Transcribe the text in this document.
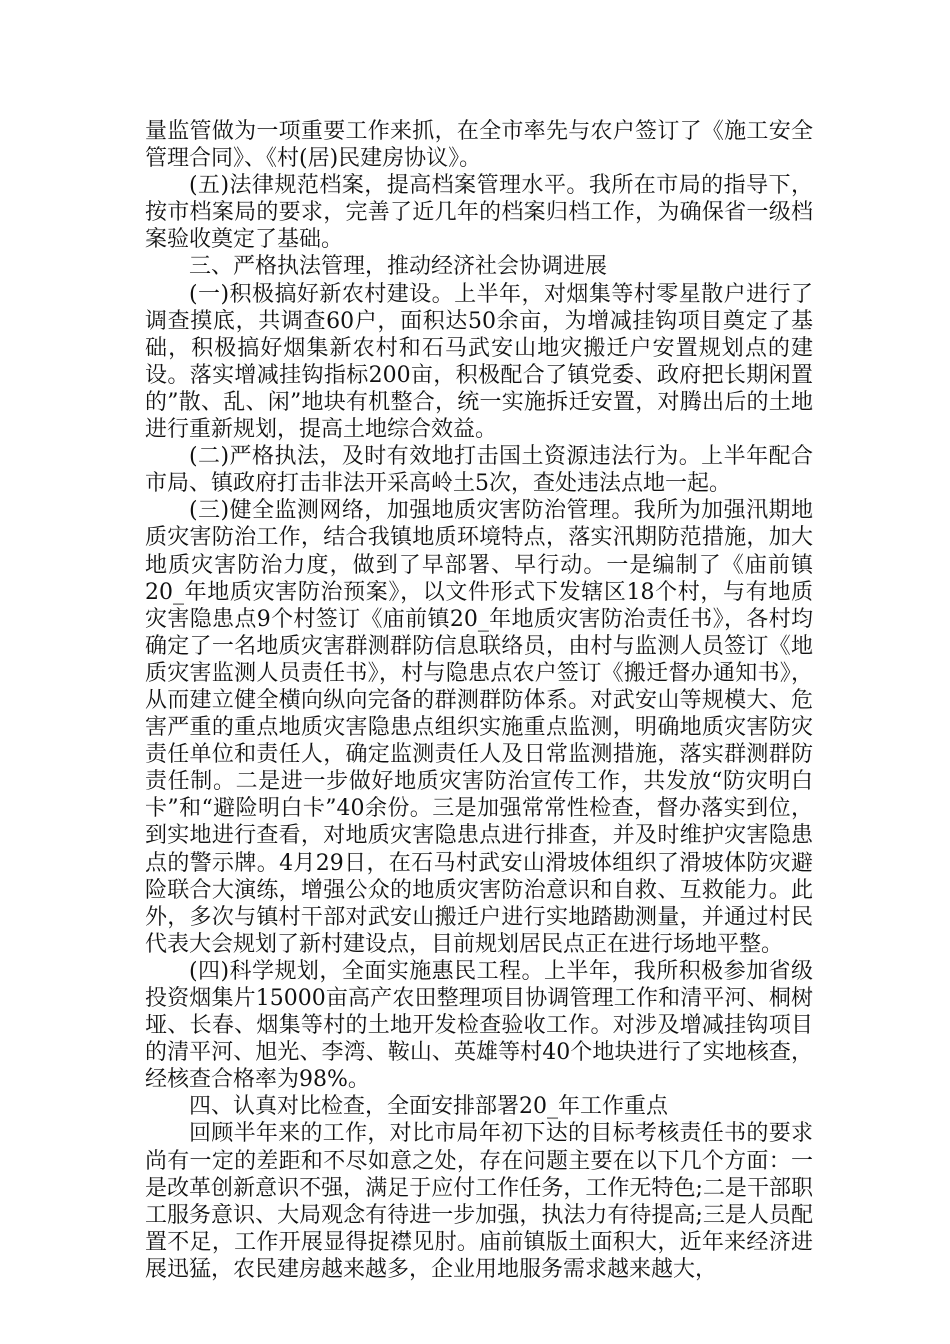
量监管做为一项重要工作来抓，在全市率先与农户签订了《施工安全管理合同》、《村(居)民建房协议》。

(五)法律规范档案，提高档案管理水平。我所在市局的指导下，按市档案局的要求，完善了近几年的档案归档工作，为确保省一级档案验收奠定了基础。

三、严格执法管理，推动经济社会协调进展

(一)积极搞好新农村建设。上半年，对烟集等村零星散户进行了调查摸底，共调查60户，面积达50余亩，为增减挂钩项目奠定了基础，积极搞好烟集新农村和石马武安山地灾搬迁户安置规划点的建设。落实增减挂钩指标200亩，积极配合了镇党委、政府把长期闲置的”散、乱、闲”地块有机整合，统一实施拆迁安置，对腾出后的土地进行重新规划，提高土地综合效益。

(二)严格执法，及时有效地打击国土资源违法行为。上半年配合市局、镇政府打击非法开采高岭土5次，查处违法点地一起。

(三)健全监测网络，加强地质灾害防治管理。我所为加强汛期地质灾害防治工作，结合我镇地质环境特点，落实汛期防范措施，加大地质灾害防治力度，做到了早部署、早行动。一是编制了《庙前镇20_年地质灾害防治预案》，以文件形式下发辖区18个村，与有地质灾害隐患点9个村签订《庙前镇20_年地质灾害防治责任书》，各村均确定了一名地质灾害群测群防信息联络员，由村与监测人员签订《地质灾害监测人员责任书》，村与隐患点农户签订《搬迁督办通知书》，从而建立健全横向纵向完备的群测群防体系。对武安山等规模大、危害严重的重点地质灾害隐患点组织实施重点监测，明确地质灾害防灾责任单位和责任人，确定监测责任人及日常监测措施，落实群测群防责任制。二是进一步做好地质灾害防治宣传工作，共发放“防灾明白卡”和“避险明白卡”40余份。三是加强常常性检查，督办落实到位，到实地进行查看，对地质灾害隐患点进行排查，并及时维护灾害隐患点的警示牌。4月29日，在石马村武安山滑坡体组织了滑坡体防灾避险联合大演练，增强公众的地质灾害防治意识和自救、互救能力。此外，多次与镇村干部对武安山搬迁户进行实地踏勘测量，并通过村民代表大会规划了新村建设点，目前规划居民点正在进行场地平整。

(四)科学规划，全面实施惠民工程。上半年，我所积极参加省级投资烟集片15000亩高产农田整理项目协调管理工作和清平河、桐树垭、长春、烟集等村的土地开发检查验收工作。对涉及增减挂钩项目的清平河、旭光、李湾、鞍山、英雄等村40个地块进行了实地核查，经核查合格率为98%。

四、认真对比检查，全面安排部署20_年工作重点

回顾半年来的工作，对比市局年初下达的目标考核责任书的要求尚有一定的差距和不尽如意之处，存在问题主要在以下几个方面：一是改革创新意识不强，满足于应付工作任务，工作无特色;二是干部职工服务意识、大局观念有待进一步加强，执法力有待提高;三是人员配置不足，工作开展显得捉襟见肘。庙前镇版土面积大，近年来经济进展迅猛，农民建房越来越多，企业用地服务需求越来越大，
